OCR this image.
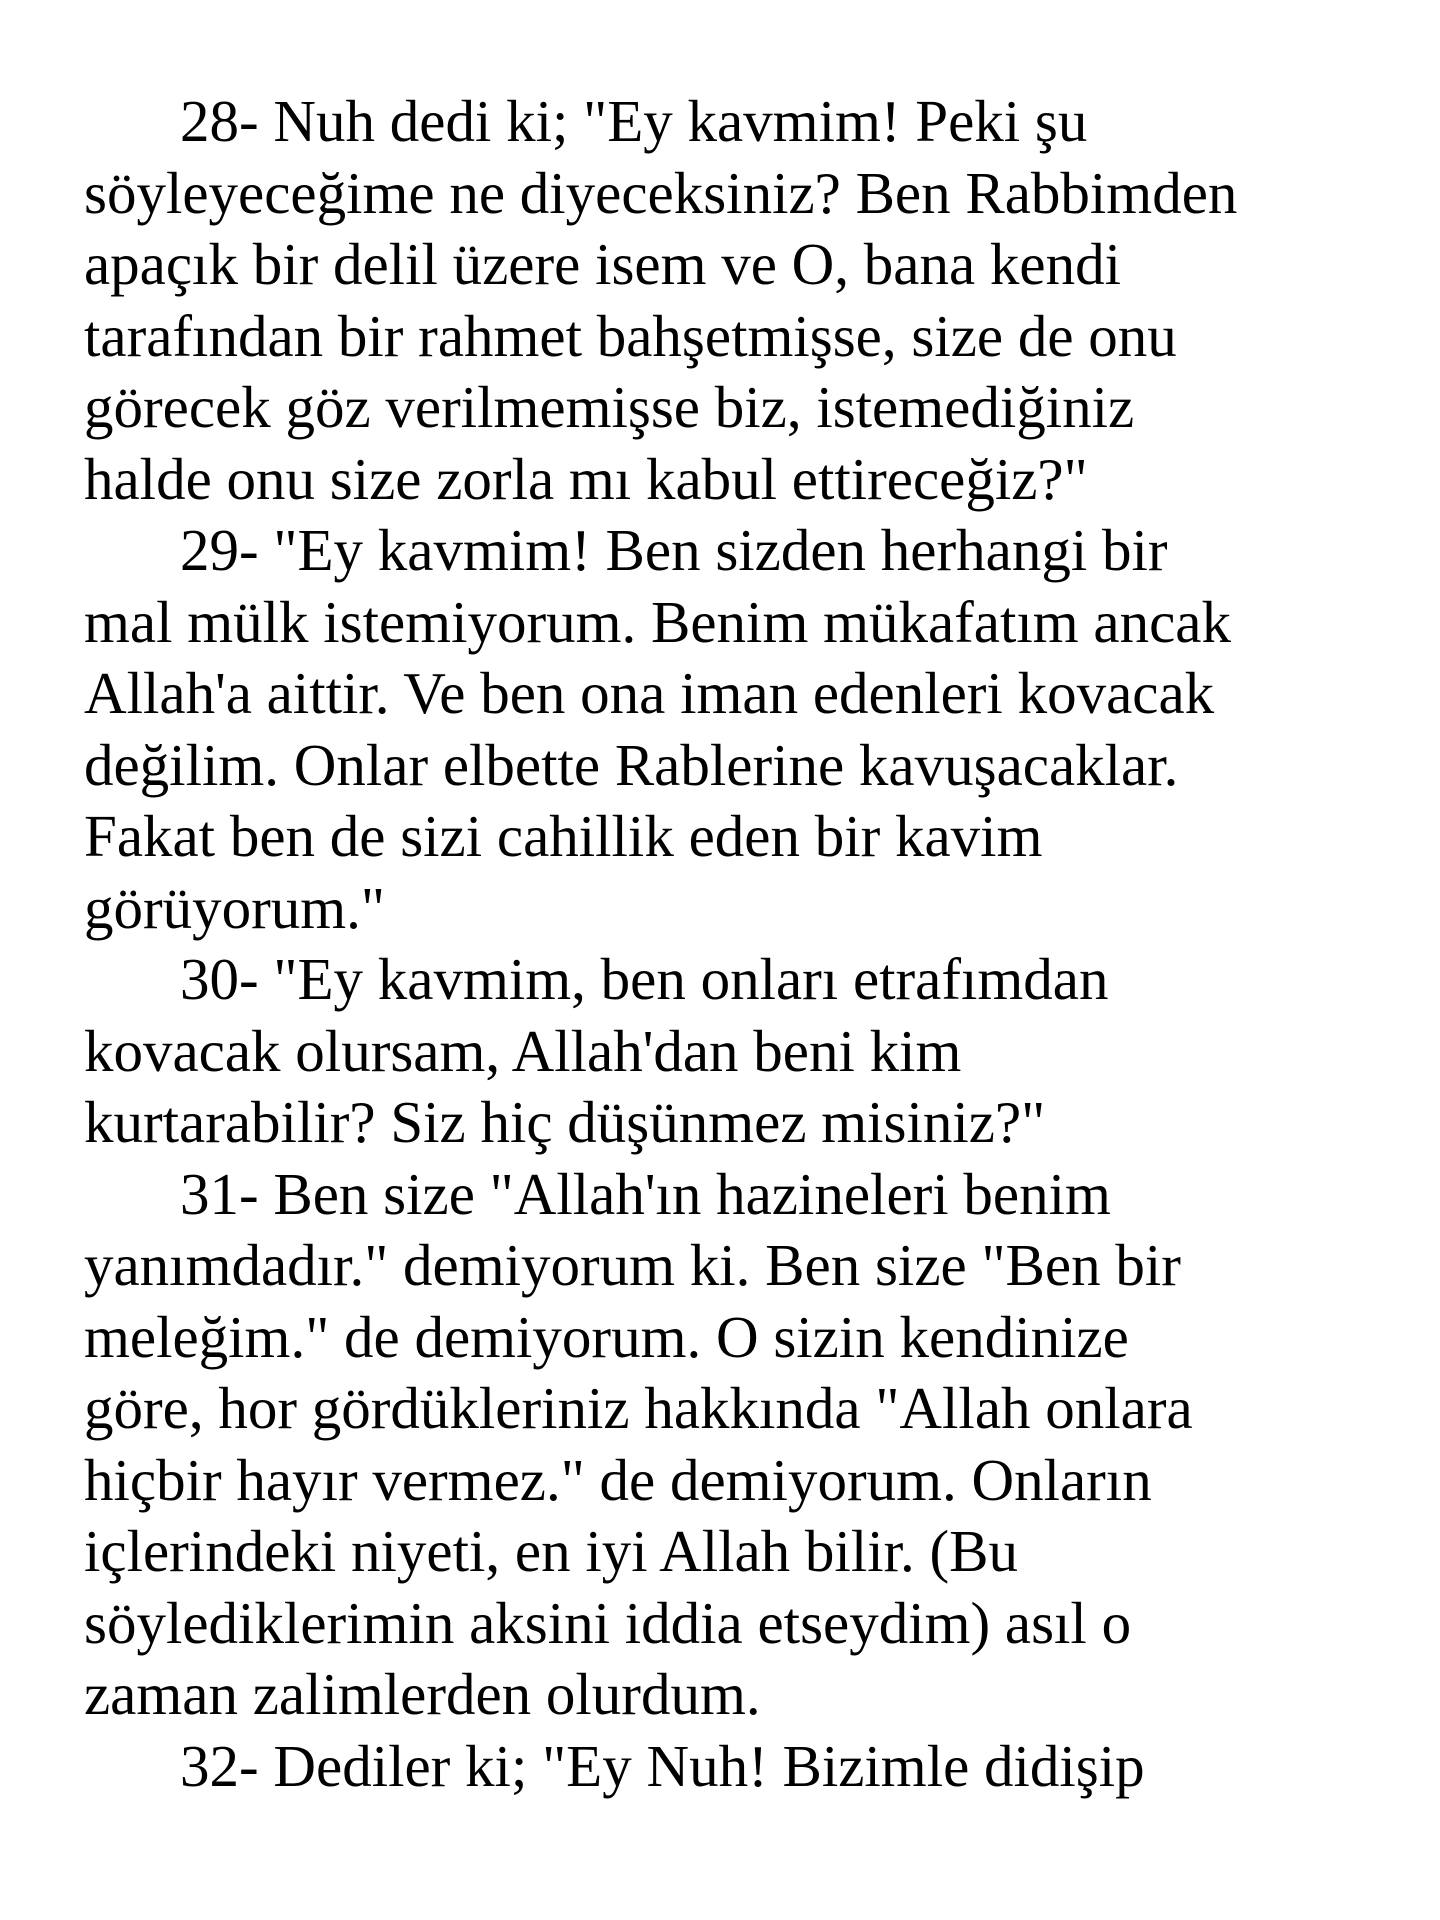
28- Nuh dedi ki; "Ey kavmim! Peki şu
söyleyeceğime ne diyeceksiniz? Ben Rabbimden
apaçık bir delil üzere isem ve O, bana kendi
tarafından bir rahmet bahşetmişse, size de onu
görecek göz verilmemişse biz, istemediğiniz
halde onu size zorla mı kabul ettireceğiz?"
29- "Ey kavmim! Ben sizden herhangi bir
mal mülk istemiyorum. Benim mükafatım ancak
Allah'a aittir. Ve ben ona iman edenleri kovacak
değilim. Onlar elbette Rablerine kavuşacaklar.
Fakat ben de sizi cahillik eden bir kavim
görüyorum."
30- "Ey kavmim, ben onları etrafımdan
kovacak olursam, Allah'dan beni kim
kurtarabilir? Siz hiç düşünmez misiniz?"
31- Ben size "Allah'ın hazineleri benim
yanımdadır." demiyorum ki. Ben size "Ben bir
meleğim." de demiyorum. O sizin kendinize
göre, hor gördükleriniz hakkında "Allah onlara
hiçbir hayır vermez." de demiyorum. Onların
içlerindeki niyeti, en iyi Allah bilir. (Bu
söylediklerimin aksini iddia etseydim) asıl o
zaman zalimlerden olurdum.
32- Dediler ki; "Ey Nuh! Bizimle didişip
